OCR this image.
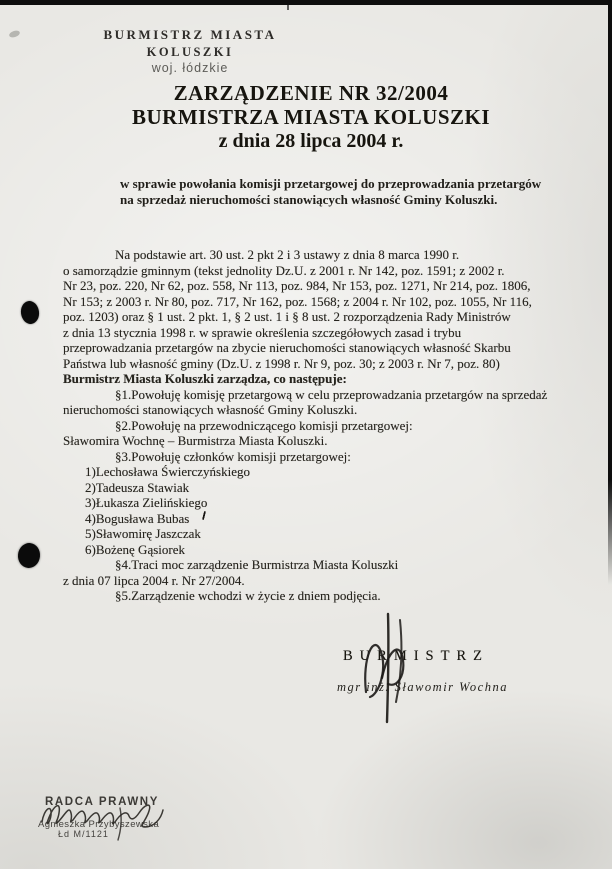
BURMISTRZ MIASTA
KOLUSZKI
woj. łódzkie
ZARZĄDZENIE NR 32/2004
BURMISTRZA MIASTA KOLUSZKI
z dnia 28 lipca 2004 r.
w sprawie powołania komisji przetargowej do przeprowadzania przetargów
na sprzedaż nieruchomości stanowiących własność Gminy Koluszki.
Na podstawie art. 30 ust. 2 pkt 2 i 3 ustawy z dnia 8 marca 1990 r.
o samorządzie gminnym (tekst jednolity Dz.U. z 2001 r. Nr 142, poz. 1591; z 2002 r.
Nr 23, poz. 220, Nr 62, poz. 558, Nr 113, poz. 984, Nr 153, poz. 1271, Nr 214, poz. 1806,
Nr 153; z 2003 r. Nr 80, poz. 717, Nr 162, poz. 1568; z 2004 r. Nr 102, poz. 1055, Nr 116,
poz. 1203) oraz § 1 ust. 2 pkt. 1, § 2 ust. 1 i § 8 ust. 2 rozporządzenia Rady Ministrów
z dnia 13 stycznia 1998 r. w sprawie określenia szczegółowych zasad i trybu
przeprowadzania przetargów na zbycie nieruchomości stanowiących własność Skarbu
Państwa lub własność gminy (Dz.U. z 1998 r. Nr 9, poz. 30; z 2003 r. Nr 7, poz. 80)
Burmistrz Miasta Koluszki zarządza, co następuje:
§1.Powołuję komisję przetargową w celu przeprowadzania przetargów na sprzedaż
nieruchomości stanowiących własność Gminy Koluszki.
§2.Powołuję na przewodniczącego komisji przetargowej:
Sławomira Wochnę – Burmistrza Miasta Koluszki.
§3.Powołuję członków komisji przetargowej:
1)Lechosława Świerczyńskiego
2)Tadeusza Stawiak
3)Łukasza Zielińskiego
4)Bogusława Bubas
5)Sławomirę Jaszczak
6)Bożenę Gąsiorek
§4.Traci moc zarządzenie Burmistrza Miasta Koluszki
z dnia 07 lipca 2004 r. Nr 27/2004.
§5.Zarządzenie wchodzi w życie z dniem podjęcia.
BURMISTRZ
mgr inż. Sławomir Wochna
RADCA PRAWNY
Agnieszka Przybyszewska
Łd M/1121
